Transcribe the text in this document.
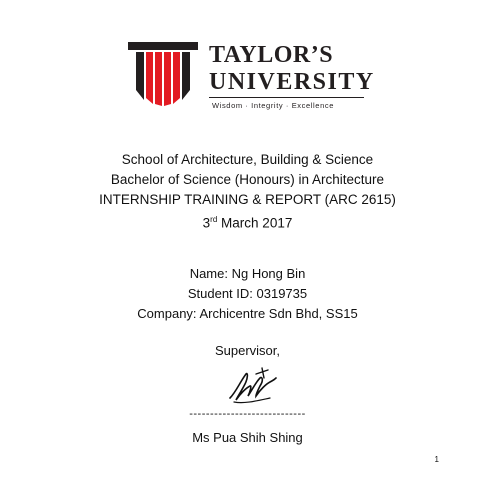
TAYLOR’S
UNIVERSITY
Wisdom · Integrity · Excellence
School of Architecture, Building & Science
Bachelor of Science (Honours) in Architecture
INTERNSHIP TRAINING & REPORT (ARC 2615)
3rd March 2017
Name: Ng Hong Bin
Student ID: 0319735
Company: Archicentre Sdn Bhd, SS15
Supervisor,
----------------------------
Ms Pua Shih Shing
1
